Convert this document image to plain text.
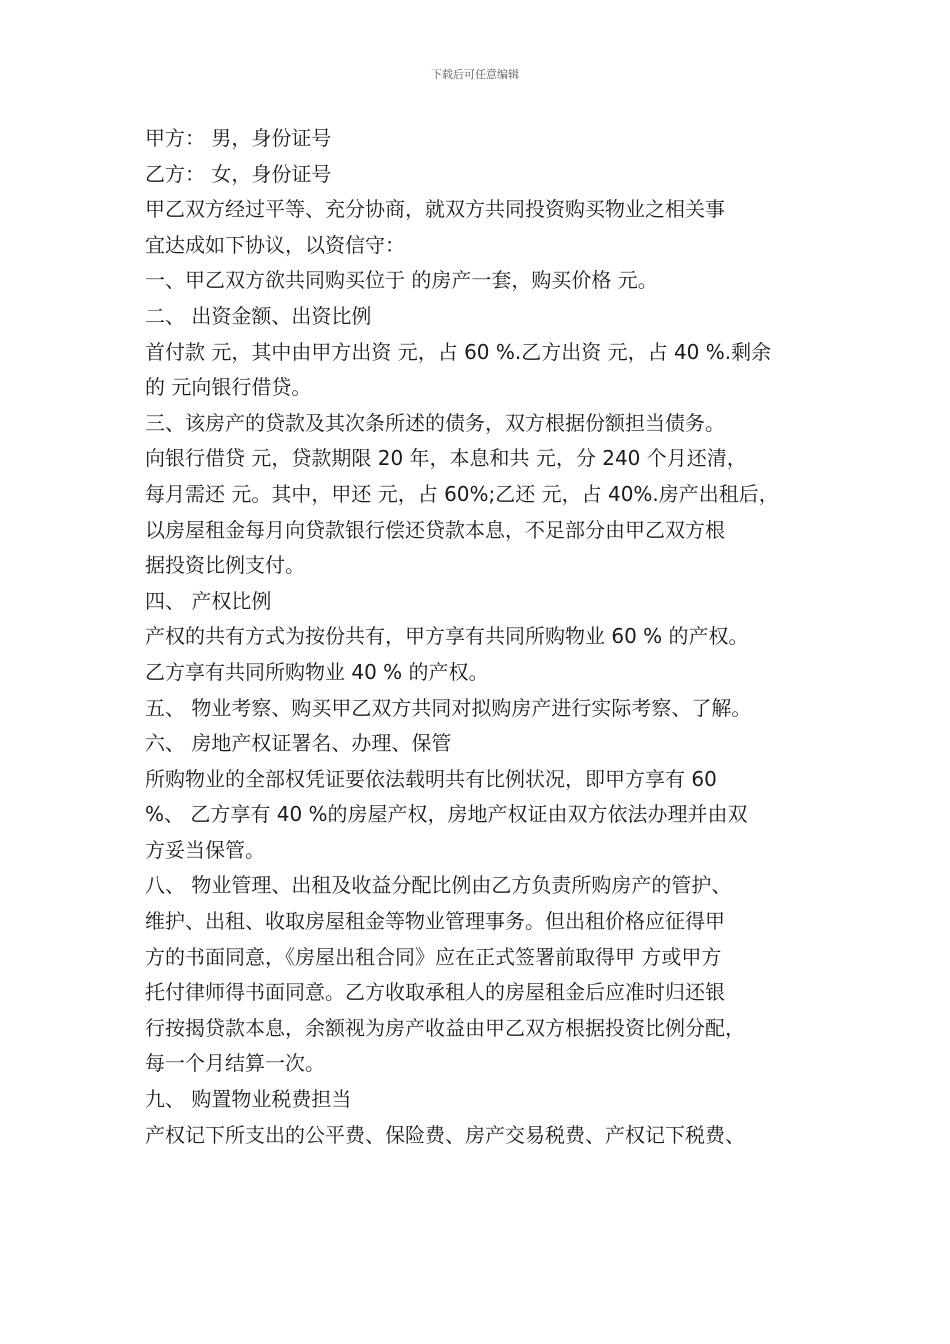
下载后可任意编辑
甲方： 男，身份证号
乙方： 女，身份证号
甲乙双方经过平等、充分协商，就双方共同投资购买物业之相关事
宜达成如下协议，以资信守：
一、甲乙双方欲共同购买位于 的房产一套，购买价格 元。
二、 出资金额、出资比例
首付款 元，其中由甲方出资 元，占 60 %.乙方出资 元，占 40 %.剩余
的 元向银行借贷。
三、该房产的贷款及其次条所述的债务，双方根据份额担当债务。
向银行借贷 元，贷款期限 20 年，本息和共 元，分 240 个月还清，
每月需还 元。其中，甲还 元，占 60%;乙还 元，占 40%.房产出租后，
以房屋租金每月向贷款银行偿还贷款本息，不足部分由甲乙双方根
据投资比例支付。
四、 产权比例
产权的共有方式为按份共有，甲方享有共同所购物业 60 % 的产权。
乙方享有共同所购物业 40 % 的产权。
五、 物业考察、购买甲乙双方共同对拟购房产进行实际考察、了解。
六、 房地产权证署名、办理、保管
所购物业的全部权凭证要依法载明共有比例状况，即甲方享有 60
%、 乙方享有 40 %的房屋产权，房地产权证由双方依法办理并由双
方妥当保管。
八、 物业管理、出租及收益分配比例由乙方负责所购房产的管护、
维护、出租、收取房屋租金等物业管理事务。但出租价格应征得甲
方的书面同意，《房屋出租合同》应在正式签署前取得甲 方或甲方
托付律师得书面同意。乙方收取承租人的房屋租金后应准时归还银
行按揭贷款本息，余额视为房产收益由甲乙双方根据投资比例分配，
每一个月结算一次。
九、 购置物业税费担当
产权记下所支出的公平费、保险费、房产交易税费、产权记下税费、
